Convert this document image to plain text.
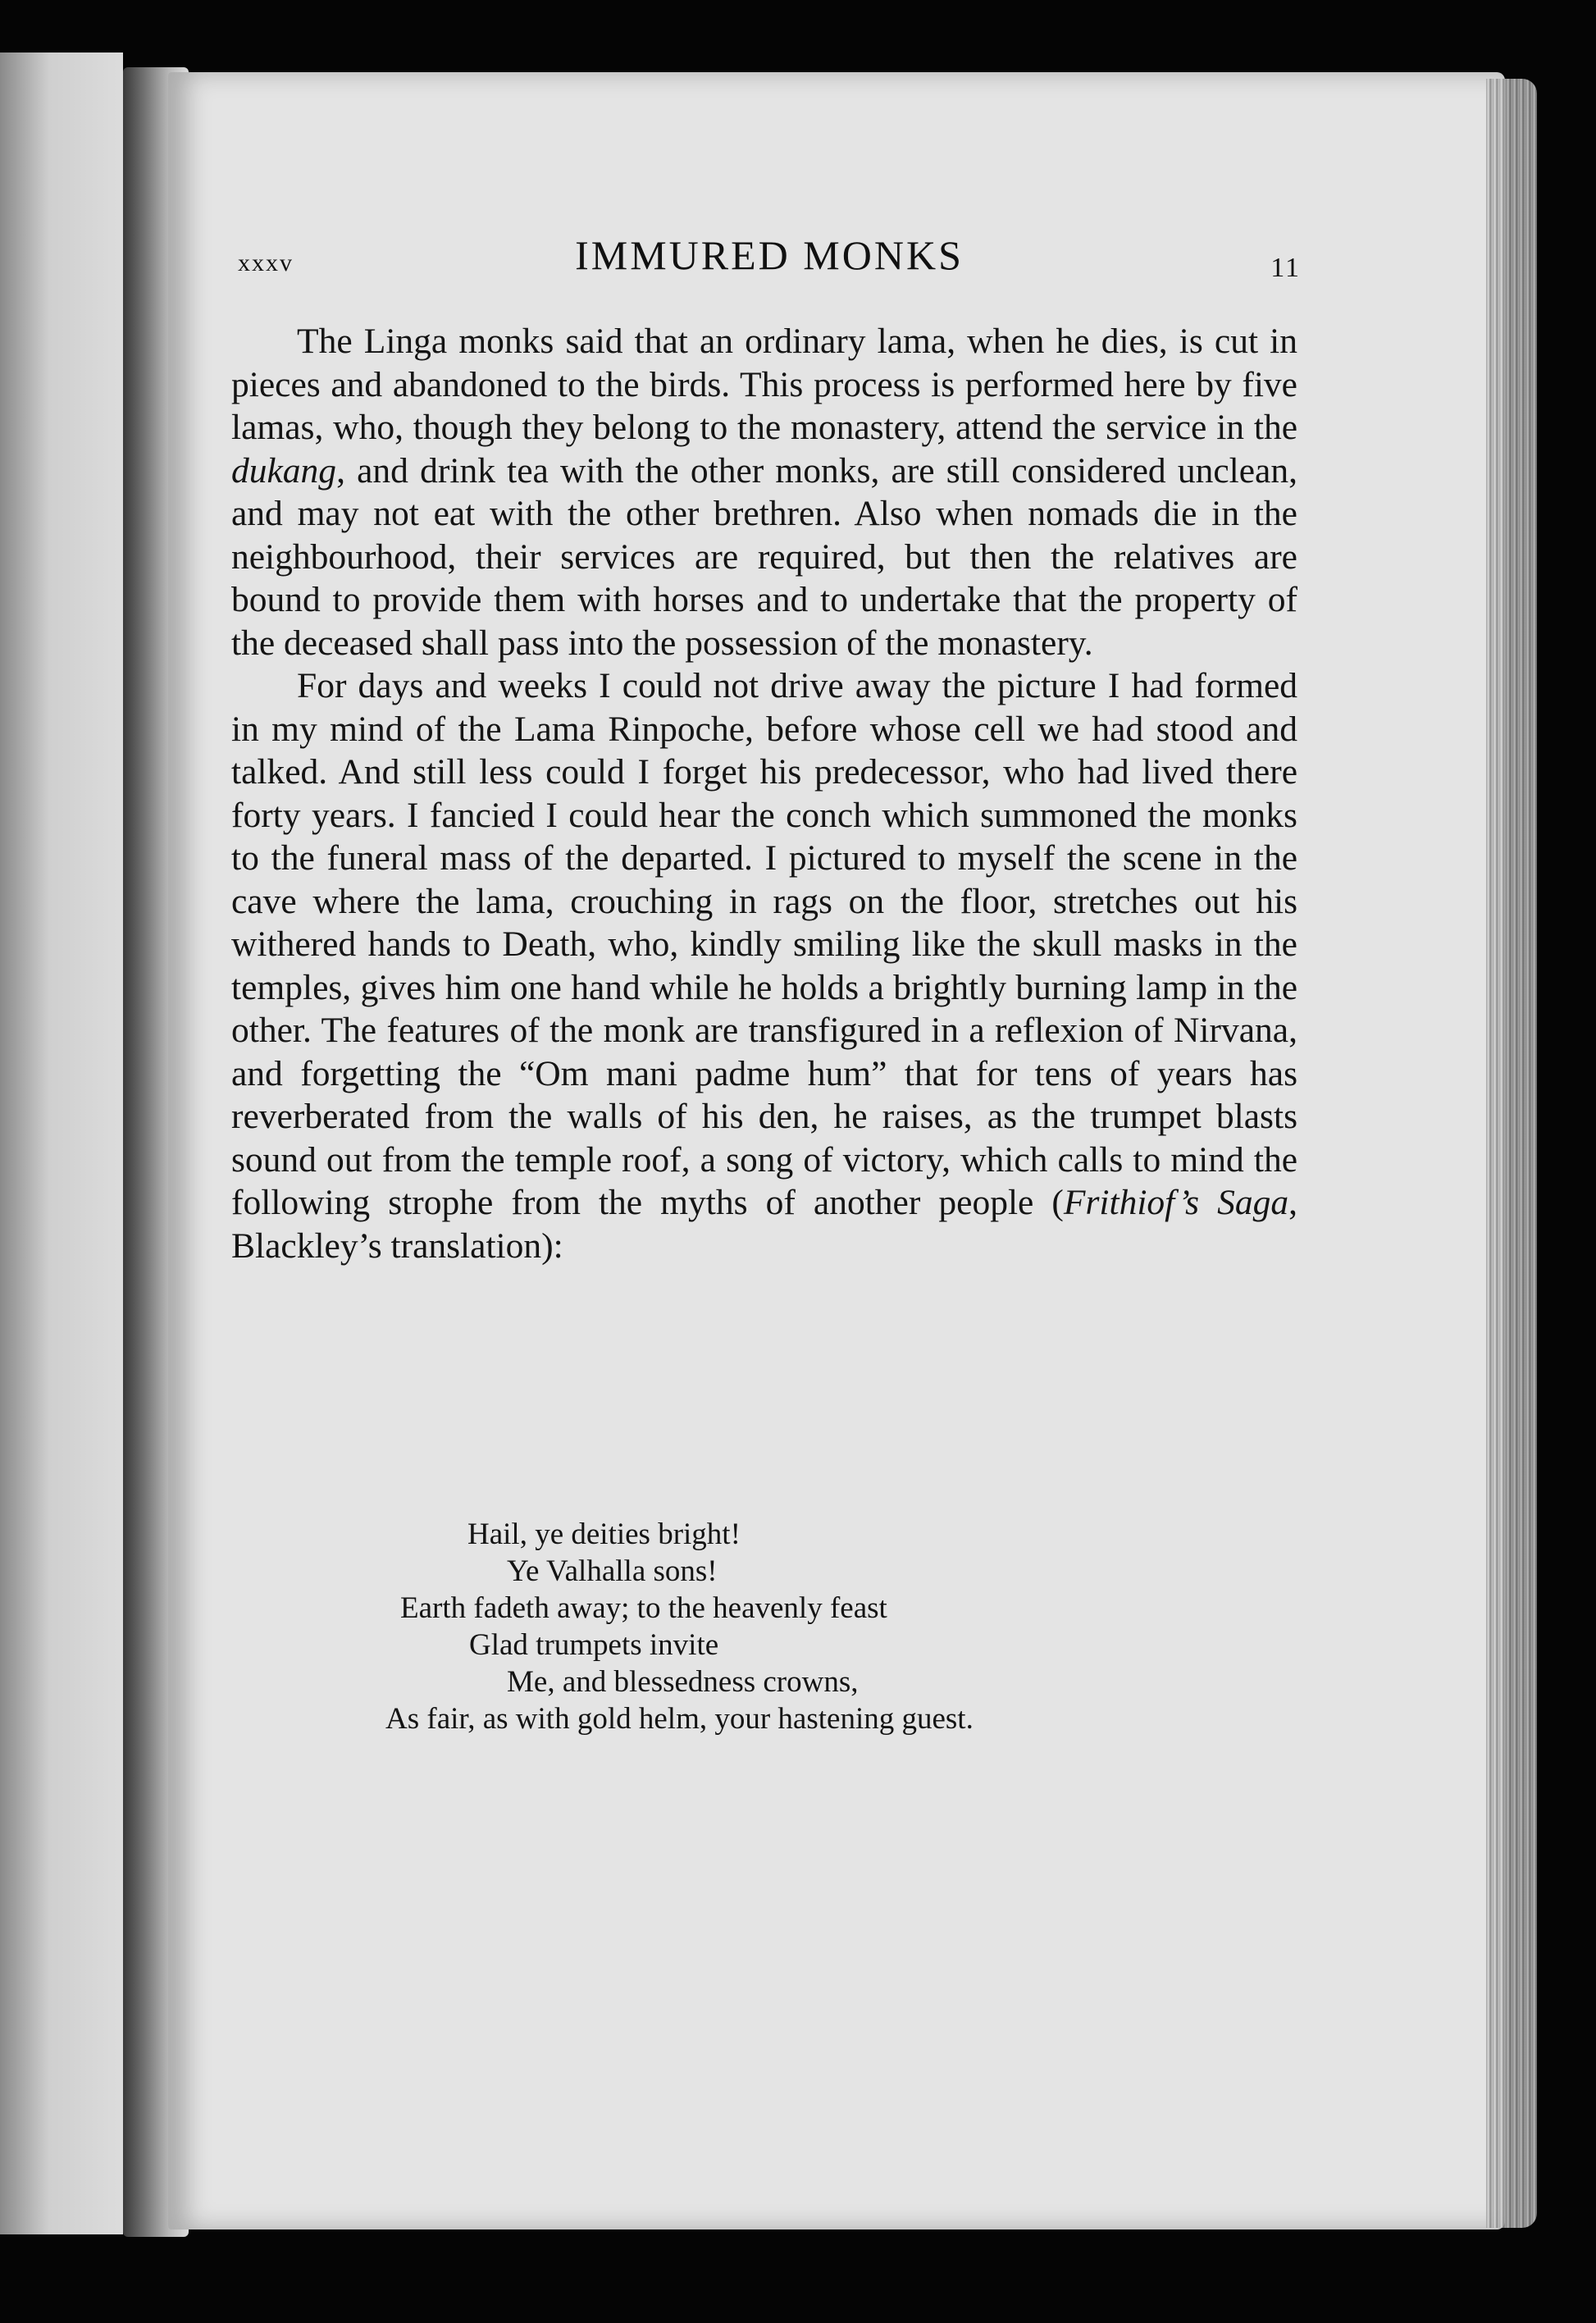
xxxv	IMMURED MONKS	11

The Linga monks said that an ordinary lama, when he dies, is cut in pieces and abandoned to the birds. This process is performed here by five lamas, who, though they belong to the monastery, attend the service in the dukang, and drink tea with the other monks, are still considered unclean, and may not eat with the other brethren. Also when nomads die in the neighbourhood, their services are required, but then the relatives are bound to provide them with horses and to undertake that the property of the deceased shall pass into the possession of the monastery.

For days and weeks I could not drive away the picture I had formed in my mind of the Lama Rinpoche, before whose cell we had stood and talked. And still less could I forget his predecessor, who had lived there forty years. I fancied I could hear the conch which summoned the monks to the funeral mass of the departed. I pictured to myself the scene in the cave where the lama, crouching in rags on the floor, stretches out his withered hands to Death, who, kindly smiling like the skull masks in the temples, gives him one hand while he holds a brightly burning lamp in the other. The features of the monk are transfigured in a reflexion of Nirvana, and forgetting the “Om mani padme hum” that for tens of years has reverberated from the walls of his den, he raises, as the trumpet blasts sound out from the temple roof, a song of victory, which calls to mind the following strophe from the myths of another people (Frithiof’s Saga, Blackley’s translation):

Hail, ye deities bright!
Ye Valhalla sons!
Earth fadeth away; to the heavenly feast
Glad trumpets invite
Me, and blessedness crowns,
As fair, as with gold helm, your hastening guest.
